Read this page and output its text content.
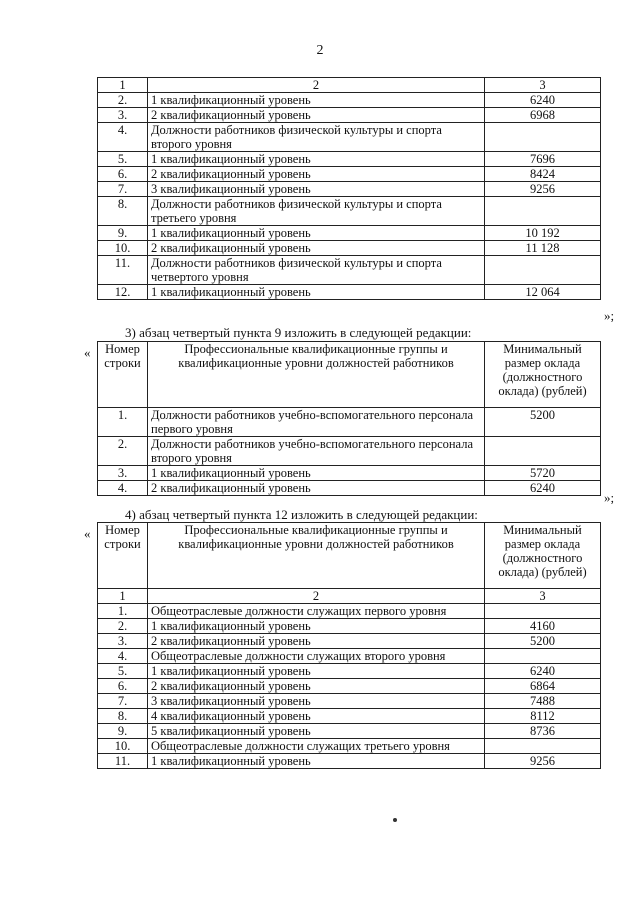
2
1	2	3
2.	1 квалификационный уровень	6240
3.	2 квалификационный уровень	6968
4.	Должности работников физической культуры и спорта второго уровня	
5.	1 квалификационный уровень	7696
6.	2 квалификационный уровень	8424
7.	3 квалификационный уровень	9256
8.	Должности работников физической культуры и спорта третьего уровня	
9.	1 квалификационный уровень	10 192
10.	2 квалификационный уровень	11 128
11.	Должности работников физической культуры и спорта четвертого уровня	
12.	1 квалификационный уровень	12 064
»;
3) абзац четвертый пункта 9 изложить в следующей редакции:
« Номер строки	Профессиональные квалификационные группы и квалификационные уровни должностей работников	Минимальный размер оклада (должностного оклада) (рублей)
1.	Должности работников учебно-вспомогательного персонала первого уровня	5200
2.	Должности работников учебно-вспомогательного персонала второго уровня	
3.	1 квалификационный уровень	5720
4.	2 квалификационный уровень	6240
»;
4) абзац четвертый пункта 12 изложить в следующей редакции:
« Номер строки	Профессиональные квалификационные группы и квалификационные уровни должностей работников	Минимальный размер оклада (должностного оклада) (рублей)
1	2	3
1.	Общеотраслевые должности служащих первого уровня	
2.	1 квалификационный уровень	4160
3.	2 квалификационный уровень	5200
4.	Общеотраслевые должности служащих второго уровня	
5.	1 квалификационный уровень	6240
6.	2 квалификационный уровень	6864
7.	3 квалификационный уровень	7488
8.	4 квалификационный уровень	8112
9.	5 квалификационный уровень	8736
10.	Общеотраслевые должности служащих третьего уровня	
11.	1 квалификационный уровень	9256
